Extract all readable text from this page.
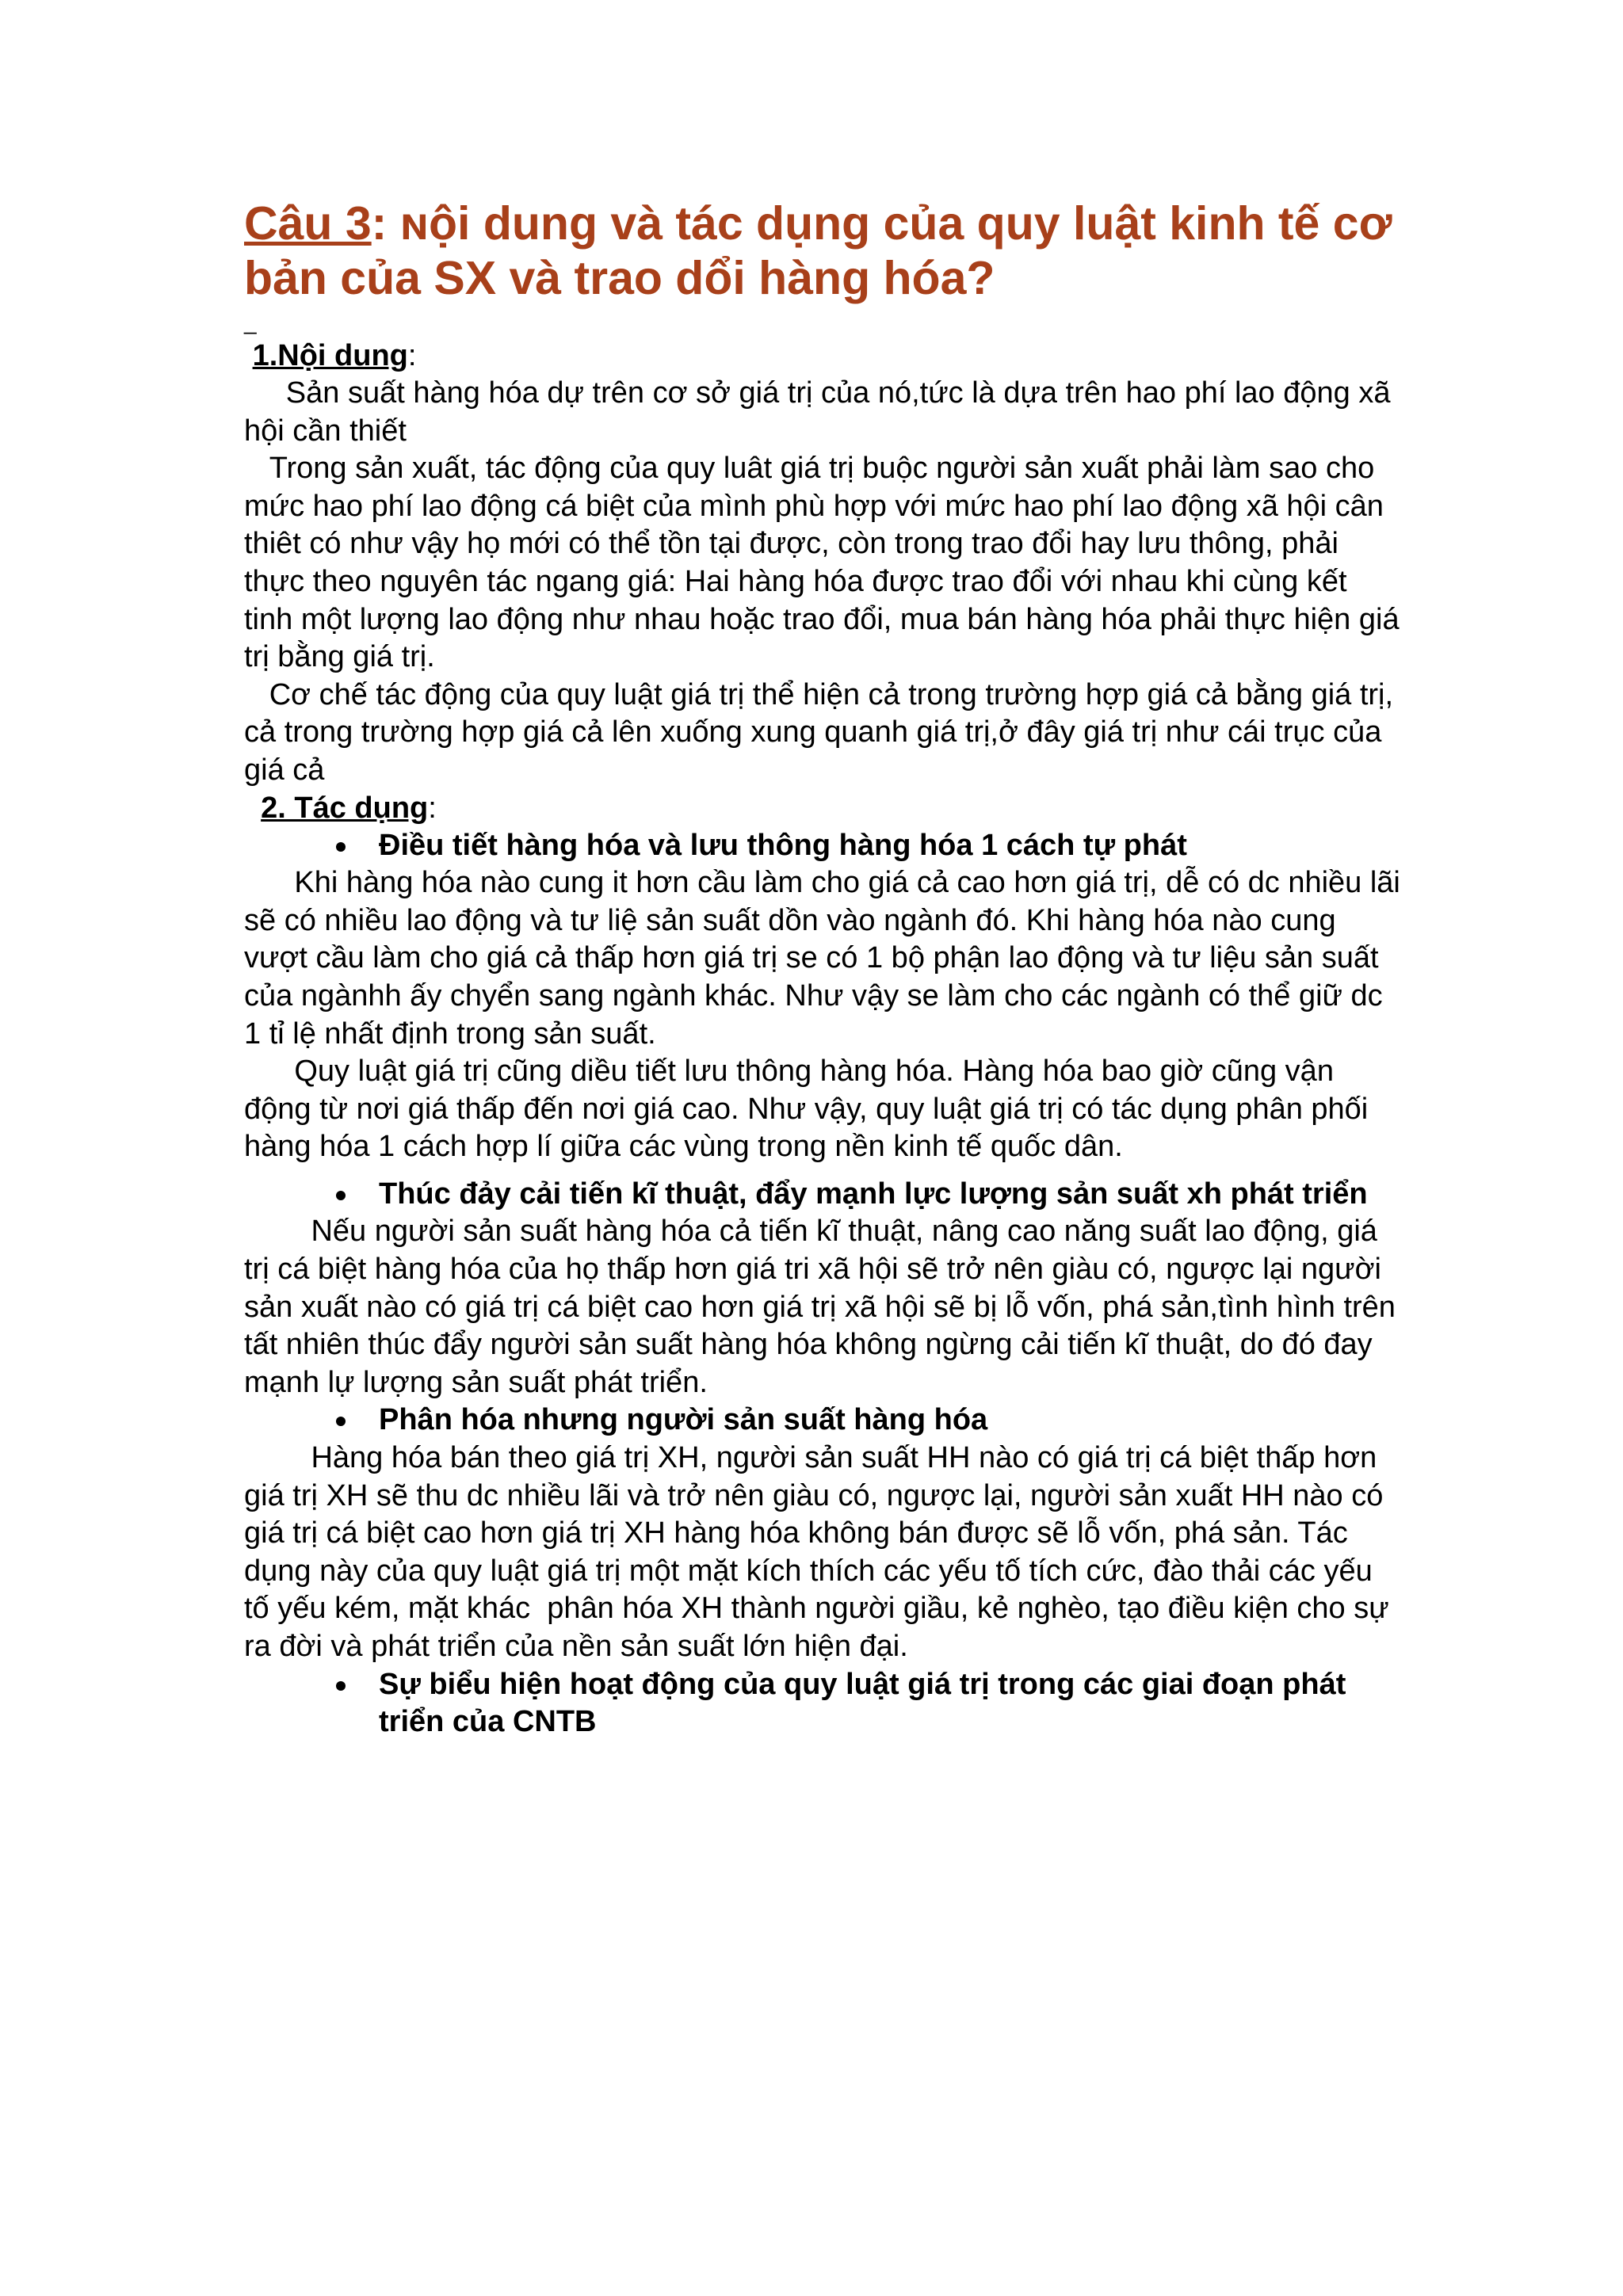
Câu 3: ɴội dung và tác dụng của quy luật kinh tế cơ bản của SX và trao dổi hàng hóa?
_
1.Nội dung:

Sản suất hàng hóa dự trên cơ sở giá trị của nó,tức là dựa trên hao phí lao động xã hội cần thiết

Trong sản xuất, tác động của quy luât giá trị buộc người sản xuất phải làm sao cho mức hao phí lao động cá biệt của mình phù hợp với mức hao phí lao động xã hội cân thiêt có như vậy họ mới có thể tồn tại được, còn trong trao đổi hay lưu thông, phải thực theo nguyên tác ngang giá: Hai hàng hóa được trao đổi với nhau khi cùng kết tinh một lượng lao động như nhau hoặc trao đổi, mua bán hàng hóa phải thực hiện giá trị bằng giá trị.

Cơ chế tác động của quy luật giá trị thể hiện cả trong trường hợp giá cả bằng giá trị, cả trong trường hợp giá cả lên xuống xung quanh giá trị,ở đây giá trị như cái trục của giá cả

2. Tác dụng:
Điều tiết hàng hóa và lưu thông hàng hóa 1 cách tự phát

Khi hàng hóa nào cung it hơn cầu làm cho giá cả cao hơn giá trị, dễ có dc nhiều lãi sẽ có nhiều lao động và tư liệ sản suất dồn vào ngành đó. Khi hàng hóa nào cung vượt cầu làm cho giá cả thấp hơn giá trị se có 1 bộ phận lao động và tư liệu sản suất của ngànhh ấy chyển sang ngành khác. Như vậy se làm cho các ngành có thể giữ dc 1 tỉ lệ nhất định trong sản suất.

Quy luật giá trị cũng diều tiết lưu thông hàng hóa. Hàng hóa bao giờ cũng vận động từ nơi giá thấp đến nơi giá cao. Như vậy, quy luật giá trị có tác dụng phân phối hàng hóa 1 cách hợp lí giữa các vùng trong nền kinh tế quốc dân.

Thúc đảy cải tiến kĩ thuật, đẩy mạnh lực lượng sản suất xh phát triển

Nếu người sản suất hàng hóa cả tiến kĩ thuật, nâng cao năng suất lao động, giá trị cá biệt hàng hóa của họ thấp hơn giá tri xã hội sẽ trở nên giàu có, ngược lại người sản xuất nào có giá trị cá biệt cao hơn giá trị xã hội sẽ bị lỗ vốn, phá sản,tình hình trên tất nhiên thúc đẩy người sản suất hàng hóa không ngừng cải tiến kĩ thuật, do đó đay mạnh lự lượng sản suất phát triển.

Phân hóa nhưng người sản suất hàng hóa

Hàng hóa bán theo giá trị XH, người sản suất HH nào có giá trị cá biệt thấp hơn giá trị XH sẽ thu dc nhiều lãi và trở nên giàu có, ngược lại, người sản xuất HH nào có giá trị cá biệt cao hơn giá trị XH hàng hóa không bán được sẽ lỗ vốn, phá sản. Tác dụng này của quy luật giá trị một mặt kích thích các yếu tố tích cức, đào thải các yếu tố yếu kém, mặt khác  phân hóa XH thành người giầu, kẻ nghèo, tạo điều kiện cho sự ra đời và phát triển của nền sản suất lớn hiện đại.

Sự biểu hiện hoạt động của quy luật giá trị trong các giai đoạn phát triển của CNTB
